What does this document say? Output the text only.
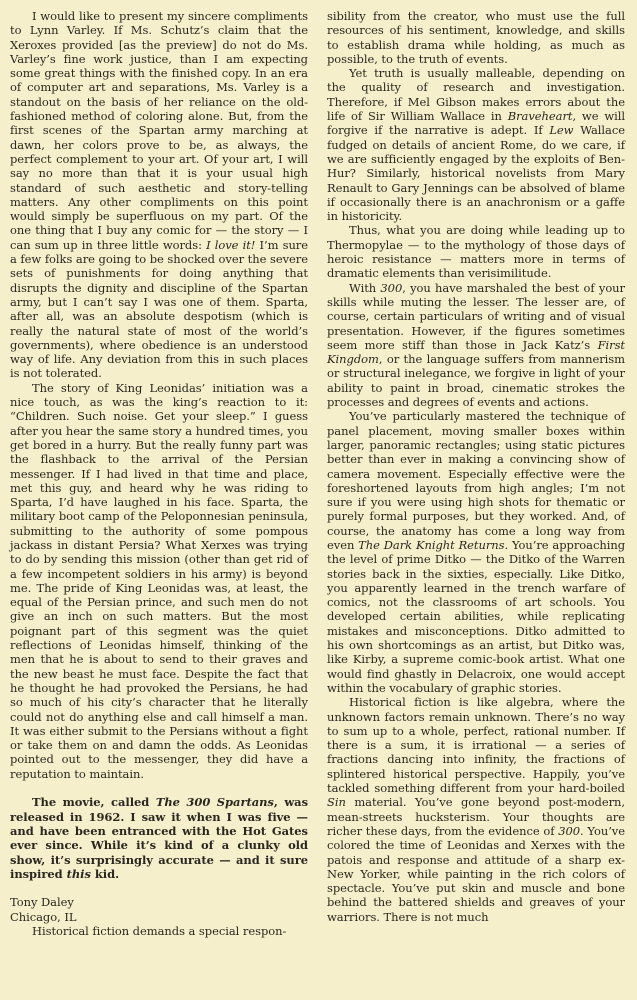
I would like to present my sincere compliments to Lynn Varley. If Ms. Schutz’s claim that the Xeroxes provided [as the preview] do not do Ms. Varley’s fine work justice, than I am expecting some great things with the finished copy. In an era of computer art and separations, Ms. Varley is a standout on the basis of her reliance on the old-fashioned method of coloring alone. But, from the first scenes of the Spartan army marching at dawn, her colors prove to be, as always, the perfect complement to your art. Of your art, I will say no more than that it is your usual high standard of such aesthetic and story-telling matters. Any other compliments on this point would simply be superfluous on my part. Of the one thing that I buy any comic for — the story — I can sum up in three little words: I love it! I’m sure a few folks are going to be shocked over the severe sets of punishments for doing anything that disrupts the dignity and discipline of the Spartan army, but I can’t say I was one of them. Sparta, after all, was an absolute despotism (which is really the natural state of most of the world’s governments), where obedience is an understood way of life. Any deviation from this in such places is not tolerated.

The story of King Leonidas’ initiation was a nice touch, as was the king’s reaction to it: “Children. Such noise. Get your sleep.” I guess after you hear the same story a hundred times, you get bored in a hurry. But the really funny part was the flashback to the arrival of the Persian messenger. If I had lived in that time and place, met this guy, and heard why he was riding to Sparta, I’d have laughed in his face. Sparta, the military boot camp of the Peloponnesian peninsula, submitting to the authority of some pompous jackass in distant Persia? What Xerxes was trying to do by sending this mission (other than get rid of a few incompetent soldiers in his army) is beyond me. The pride of King Leonidas was, at least, the equal of the Persian prince, and such men do not give an inch on such matters. But the most poignant part of this segment was the quiet reflections of Leonidas himself, thinking of the men that he is about to send to their graves and the new beast he must face. Despite the fact that he thought he had provoked the Persians, he had so much of his city’s character that he literally could not do anything else and call himself a man. It was either submit to the Persians without a fight or take them on and damn the odds. As Leonidas pointed out to the messenger, they did have a reputation to maintain.

The movie, called The 300 Spartans, was released in 1962. I saw it when I was five — and have been entranced with the Hot Gates ever since. While it’s kind of a clunky old show, it’s surprisingly accurate — and it sure inspired this kid.

Tony Daley

Chicago, IL

Historical fiction demands a special respon-

sibility from the creator, who must use the full resources of his sentiment, knowledge, and skills to establish drama while holding, as much as possible, to the truth of events.

Yet truth is usually malleable, depending on the quality of research and investigation. Therefore, if Mel Gibson makes errors about the life of Sir William Wallace in Braveheart, we will forgive if the narrative is adept. If Lew Wallace fudged on details of ancient Rome, do we care, if we are sufficiently engaged by the exploits of Ben-Hur? Similarly, historical novelists from Mary Renault to Gary Jennings can be absolved of blame if occasionally there is an anachronism or a gaffe in historicity.

Thus, what you are doing while leading up to Thermopylae — to the mythology of those days of heroic resistance — matters more in terms of dramatic elements than verisimilitude.

With 300, you have marshaled the best of your skills while muting the lesser. The lesser are, of course, certain particulars of writing and of visual presentation. However, if the figures sometimes seem more stiff than those in Jack Katz’s First Kingdom, or the language suffers from mannerism or structural inelegance, we forgive in light of your ability to paint in broad, cinematic strokes the processes and degrees of events and actions.

You’ve particularly mastered the technique of panel placement, moving smaller boxes within larger, panoramic rectangles; using static pictures better than ever in making a convincing show of camera movement. Especially effective were the foreshortened layouts from high angles; I’m not sure if you were using high shots for thematic or purely formal purposes, but they worked. And, of course, the anatomy has come a long way from even The Dark Knight Returns. You’re approaching the level of prime Ditko — the Ditko of the Warren stories back in the sixties, especially. Like Ditko, you apparently learned in the trench warfare of comics, not the classrooms of art schools. You developed certain abilities, while replicating mistakes and misconceptions. Ditko admitted to his own shortcomings as an artist, but Ditko was, like Kirby, a supreme comic-book artist. What one would find ghastly in Delacroix, one would accept within the vocabulary of graphic stories.

Historical fiction is like algebra, where the unknown factors remain unknown. There’s no way to sum up to a whole, perfect, rational number. If there is a sum, it is irrational — a series of fractions dancing into infinity, the fractions of splintered historical perspective. Happily, you’ve tackled something different from your hard-boiled Sin material. You’ve gone beyond post-modern, mean-streets hucksterism. Your thoughts are richer these days, from the evidence of 300. You’ve colored the time of Leonidas and Xerxes with the patois and response and attitude of a sharp ex-New Yorker, while painting in the rich colors of spectacle. You’ve put skin and muscle and bone behind the battered shields and greaves of your warriors. There is not much
